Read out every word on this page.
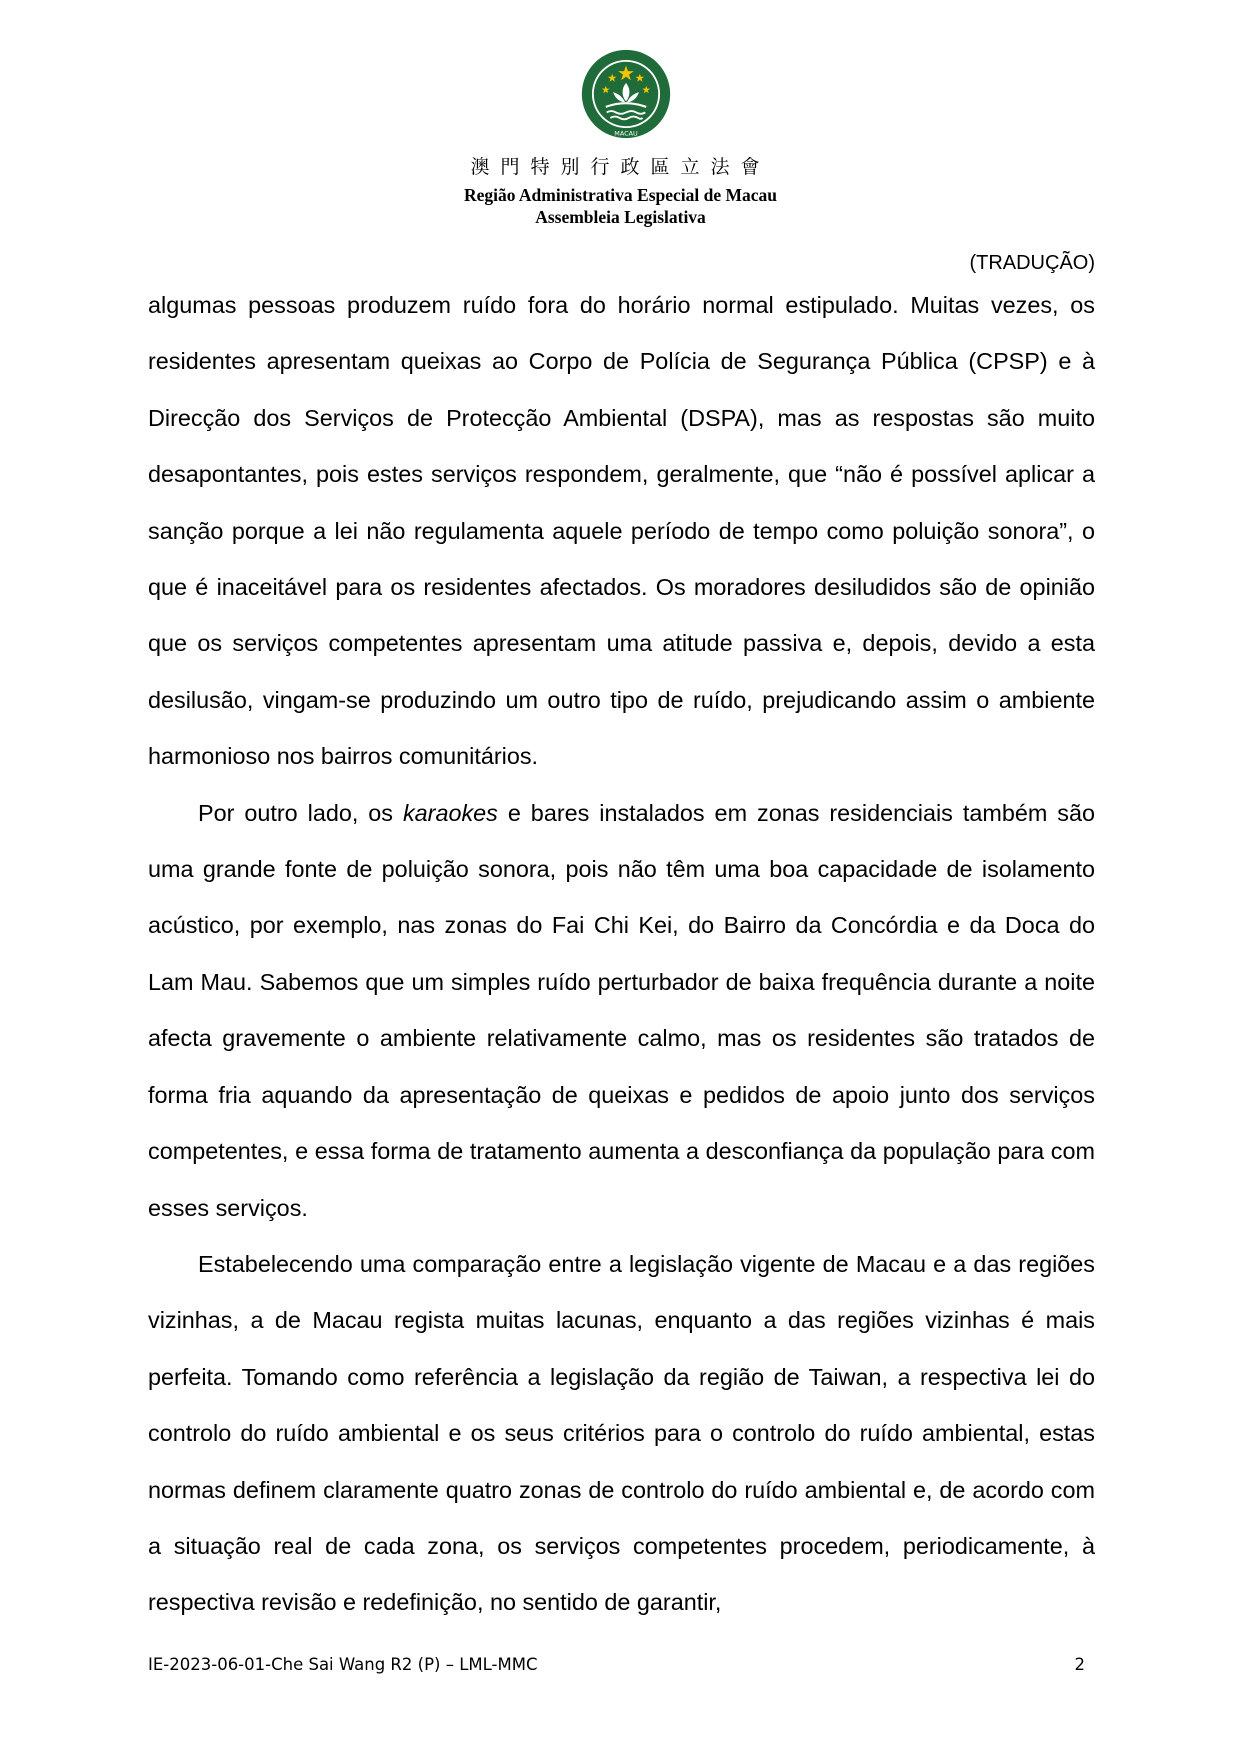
MACAU
澳門特別行政區立法會
Região Administrativa Especial de Macau
Assembleia Legislativa
(TRADUÇÃO)

algumas pessoas produzem ruído fora do horário normal estipulado. Muitas vezes, os residentes apresentam queixas ao Corpo de Polícia de Segurança Pública (CPSP) e à Direcção dos Serviços de Protecção Ambiental (DSPA), mas as respostas são muito desapontantes, pois estes serviços respondem, geralmente, que “não é possível aplicar a sanção porque a lei não regulamenta aquele período de tempo como poluição sonora”, o que é inaceitável para os residentes afectados. Os moradores desiludidos são de opinião que os serviços competentes apresentam uma atitude passiva e, depois, devido a esta desilusão, vingam-se produzindo um outro tipo de ruído, prejudicando assim o ambiente harmonioso nos bairros comunitários.

Por outro lado, os karaokes e bares instalados em zonas residenciais também são uma grande fonte de poluição sonora, pois não têm uma boa capacidade de isolamento acústico, por exemplo, nas zonas do Fai Chi Kei, do Bairro da Concórdia e da Doca do Lam Mau. Sabemos que um simples ruído perturbador de baixa frequência durante a noite afecta gravemente o ambiente relativamente calmo, mas os residentes são tratados de forma fria aquando da apresentação de queixas e pedidos de apoio junto dos serviços competentes, e essa forma de tratamento aumenta a desconfiança da população para com esses serviços.

Estabelecendo uma comparação entre a legislação vigente de Macau e a das regiões vizinhas, a de Macau regista muitas lacunas, enquanto a das regiões vizinhas é mais perfeita. Tomando como referência a legislação da região de Taiwan, a respectiva lei do controlo do ruído ambiental e os seus critérios para o controlo do ruído ambiental, estas normas definem claramente quatro zonas de controlo do ruído ambiental e, de acordo com a situação real de cada zona, os serviços competentes procedem, periodicamente, à respectiva revisão e redefinição, no sentido de garantir,

IE-2023-06-01-Che Sai Wang R2 (P) – LML-MMC	2
